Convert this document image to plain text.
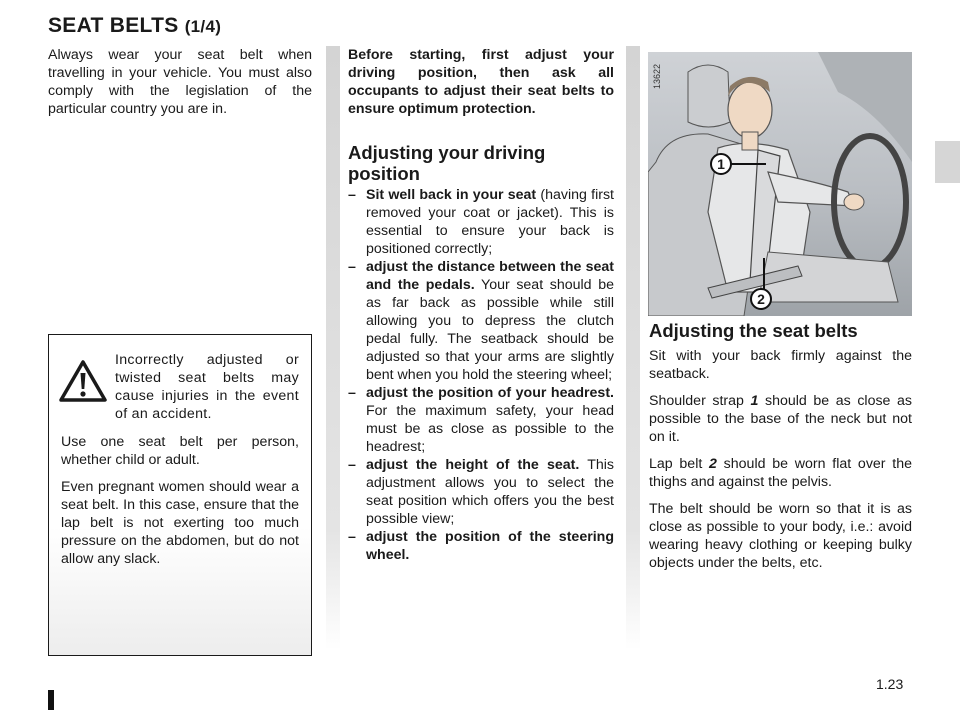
SEAT BELTS (1/4)

Always wear your seat belt when travelling in your vehicle. You must also comply with the legislation of the particular country you are in.

Incorrectly adjusted or twisted seat belts may cause injuries in the event of an accident.

Use one seat belt per person, whether child or adult.

Even pregnant women should wear a seat belt. In this case, ensure that the lap belt is not exerting too much pressure on the abdomen, but do not allow any slack.

Before starting, first adjust your driving position, then ask all occupants to adjust their seat belts to ensure optimum protection.

Adjusting your driving position
– Sit well back in your seat (having first removed your coat or jacket). This is essential to ensure your back is positioned correctly;
– adjust the distance between the seat and the pedals. Your seat should be as far back as possible while still allowing you to depress the clutch pedal fully. The seatback should be adjusted so that your arms are slightly bent when you hold the steering wheel;
– adjust the position of your headrest. For the maximum safety, your head must be as close as possible to the headrest;
– adjust the height of the seat. This adjustment allows you to select the seat position which offers you the best possible view;
– adjust the position of the steering wheel.
13622
1
2
Adjusting the seat belts

Sit with your back firmly against the seatback.

Shoulder strap 1 should be as close as possible to the base of the neck but not on it.

Lap belt 2 should be worn flat over the thighs and against the pelvis.

The belt should be worn so that it is as close as possible to your body, i.e.: avoid wearing heavy clothing or keeping bulky objects under the belts, etc.

1.23
